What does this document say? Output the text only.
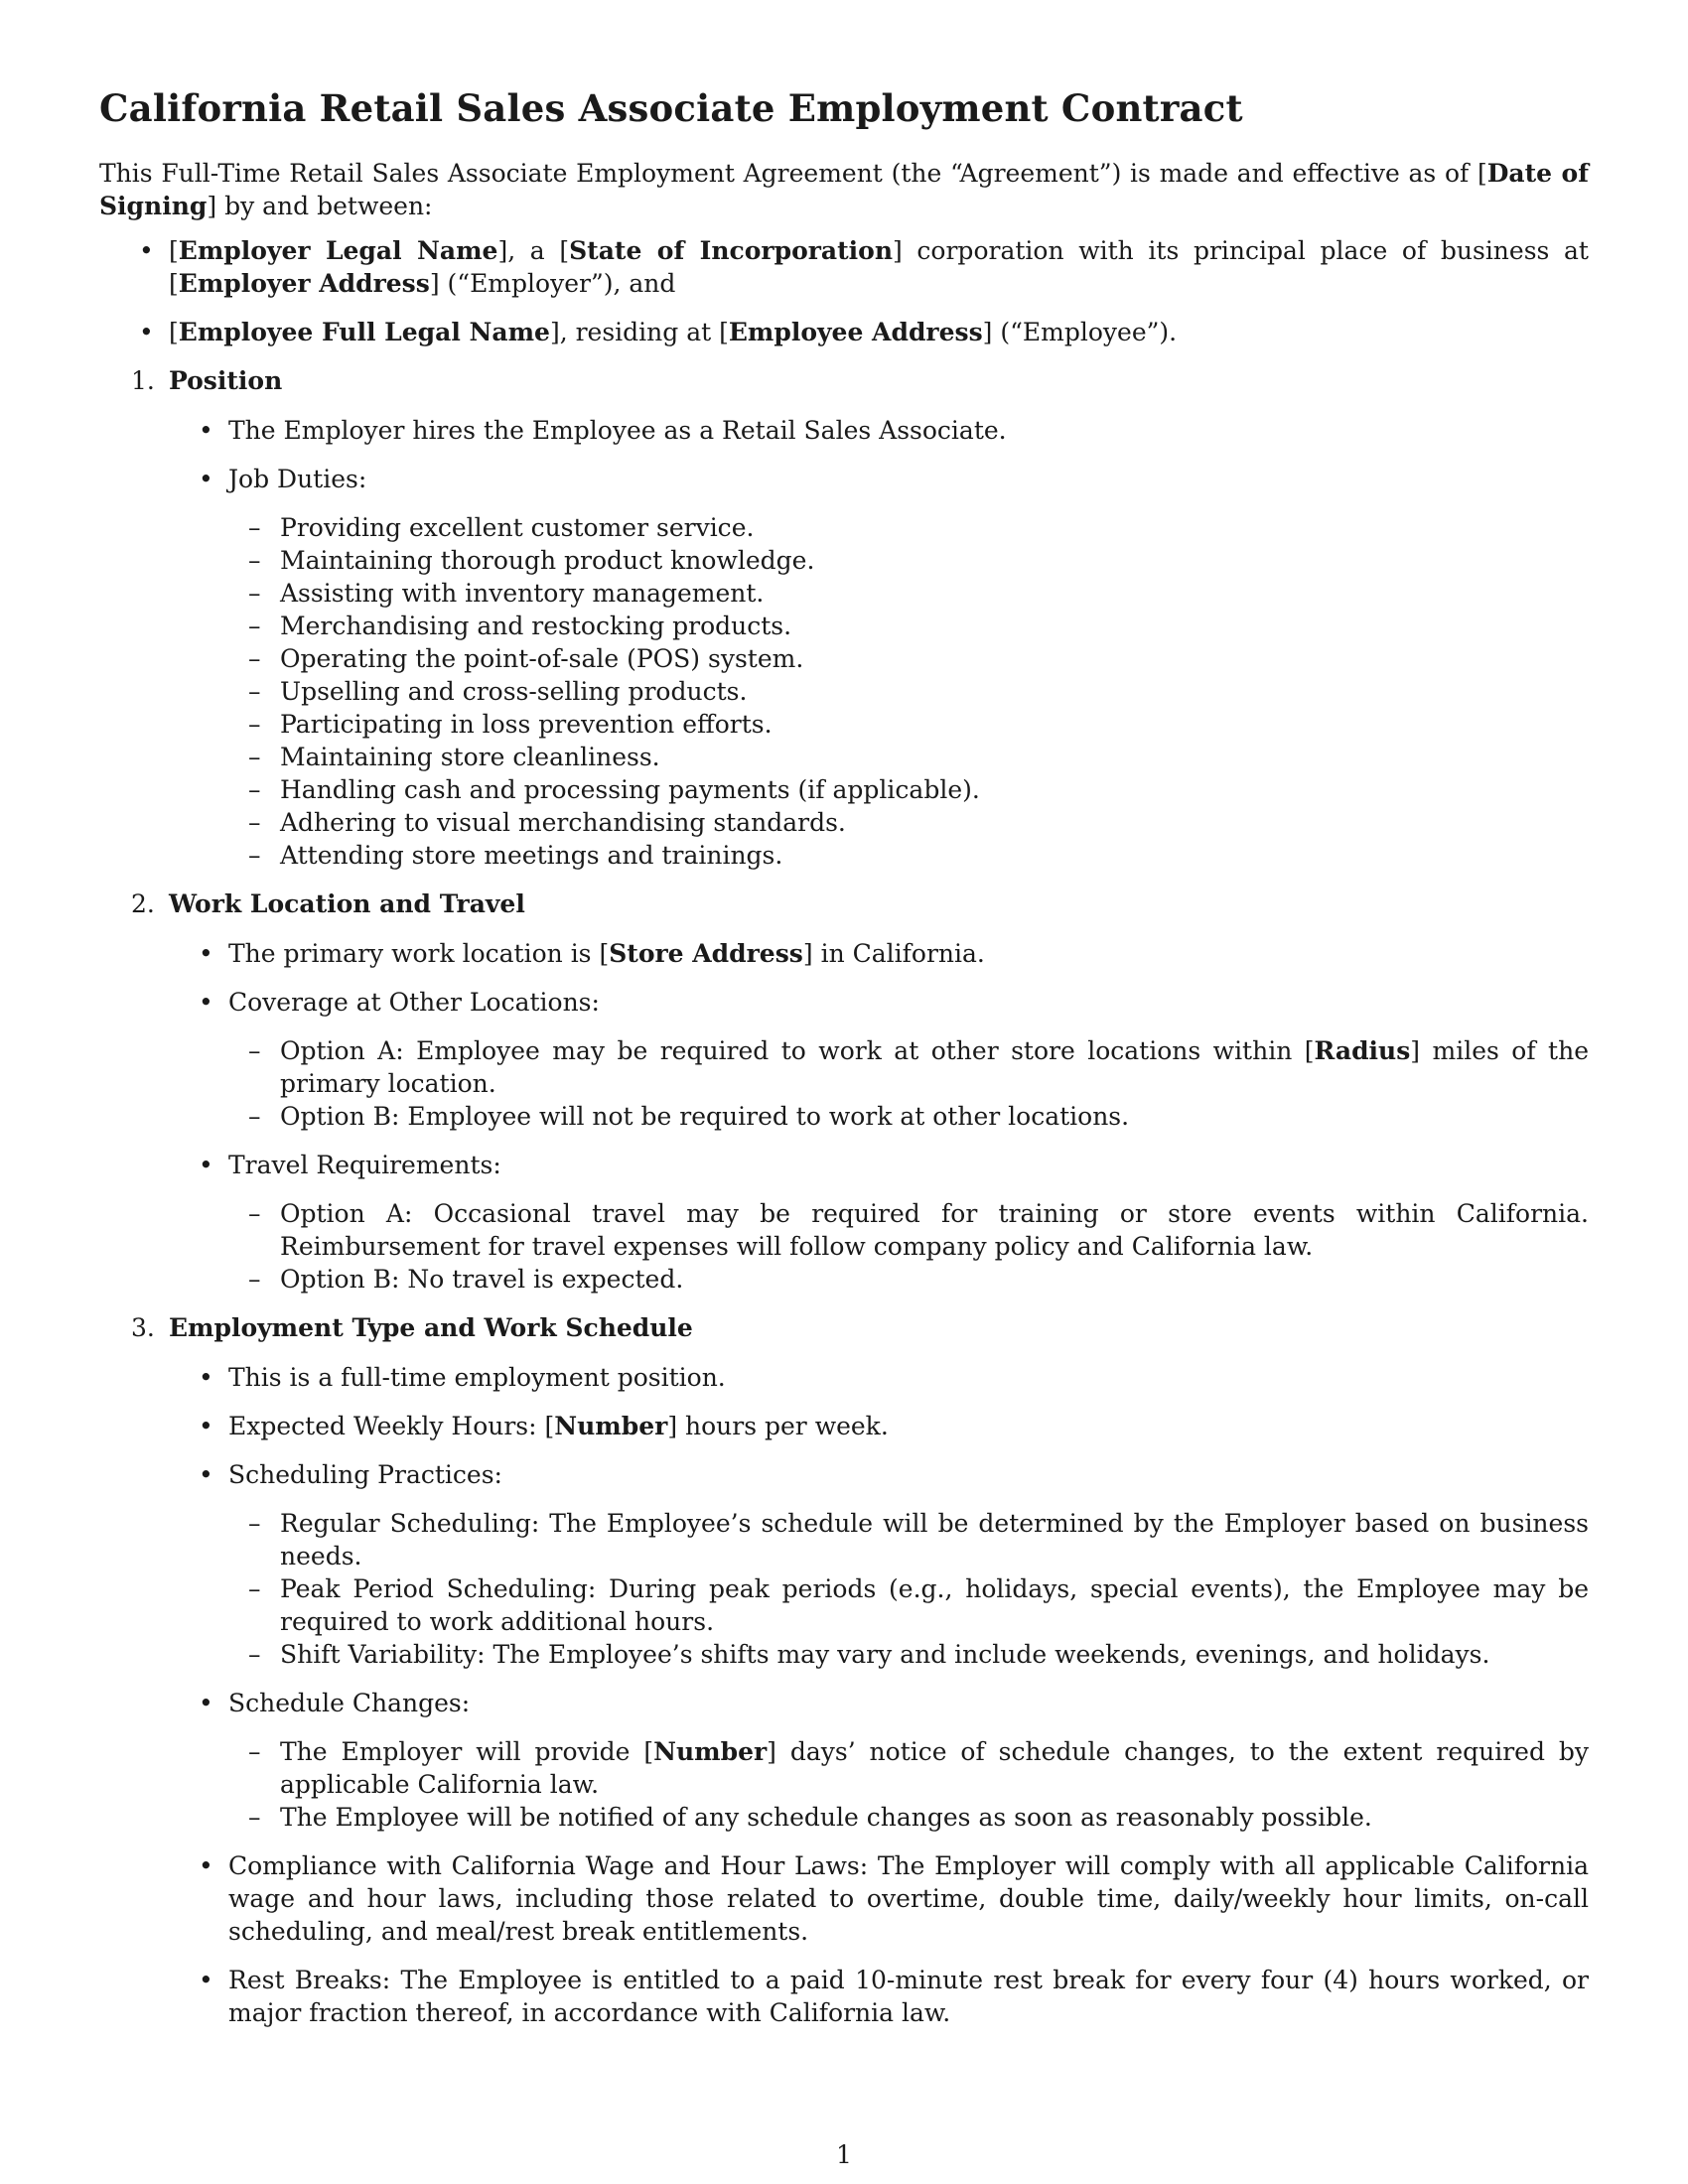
California Retail Sales Associate Employment Contract

This Full-Time Retail Sales Associate Employment Agreement (the “Agreement”) is made and effective as of [Date of Signing] by and between:

• [Employer Legal Name], a [State of Incorporation] corporation with its principal place of business at [Employer Address] (“Employer”), and
• [Employee Full Legal Name], residing at [Employee Address] (“Employee”).
1. Position
• The Employer hires the Employee as a Retail Sales Associate.
• Job Duties:
– Providing excellent customer service.
– Maintaining thorough product knowledge.
– Assisting with inventory management.
– Merchandising and restocking products.
– Operating the point-of-sale (POS) system.
– Upselling and cross-selling products.
– Participating in loss prevention efforts.
– Maintaining store cleanliness.
– Handling cash and processing payments (if applicable).
– Adhering to visual merchandising standards.
– Attending store meetings and trainings.
2. Work Location and Travel
• The primary work location is [Store Address] in California.
• Coverage at Other Locations:
– Option A: Employee may be required to work at other store locations within [Radius] miles of the primary location.
– Option B: Employee will not be required to work at other locations.
• Travel Requirements:
– Option A: Occasional travel may be required for training or store events within California. Reimbursement for travel expenses will follow company policy and California law.
– Option B: No travel is expected.
3. Employment Type and Work Schedule
• This is a full-time employment position.
• Expected Weekly Hours: [Number] hours per week.
• Scheduling Practices:
– Regular Scheduling: The Employee’s schedule will be determined by the Employer based on business needs.
– Peak Period Scheduling: During peak periods (e.g., holidays, special events), the Employee may be required to work additional hours.
– Shift Variability: The Employee’s shifts may vary and include weekends, evenings, and holidays.
• Schedule Changes:
– The Employer will provide [Number] days’ notice of schedule changes, to the extent required by applicable California law.
– The Employee will be notified of any schedule changes as soon as reasonably possible.
• Compliance with California Wage and Hour Laws: The Employer will comply with all applicable California wage and hour laws, including those related to overtime, double time, daily/weekly hour limits, on-call scheduling, and meal/rest break entitlements.
• Rest Breaks: The Employee is entitled to a paid 10-minute rest break for every four (4) hours worked, or major fraction thereof, in accordance with California law.
1
